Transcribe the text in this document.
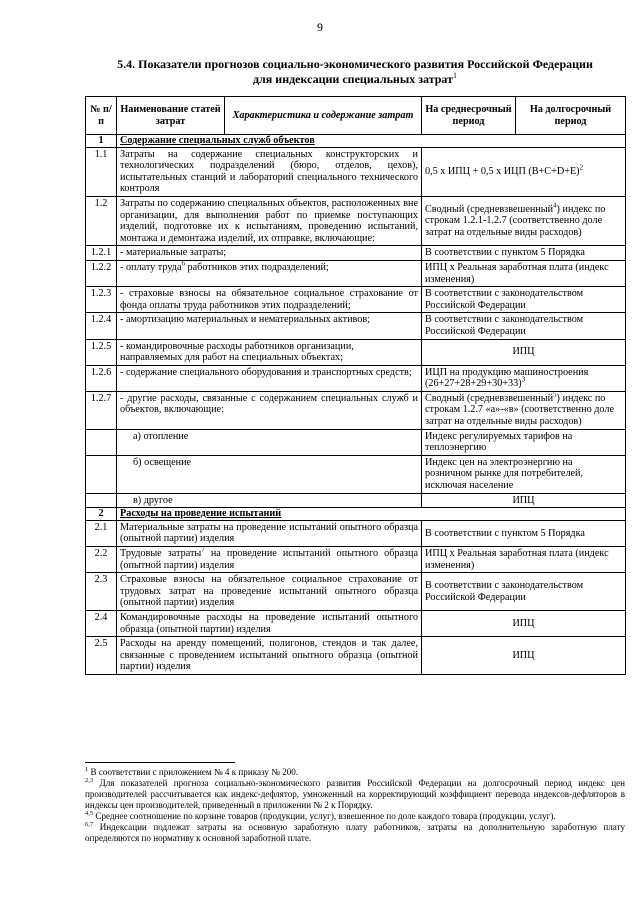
9
5.4. Показатели прогнозов социально-экономического развития Российской Федерации
для индексации специальных затрат$^1$
№ п/п	Наименование статей затрат	Характеристика и содержание затрат	На среднесрочный период	На долгосрочный период
1	Содержание специальных служб объектов			
1.1	Затраты на содержание специальных конструкторских и технологических подразделений (бюро, отделов, цехов), испытательных станций и лабораторий специального технического контроля		0,5 х ИПЦ + 0,5 х ИЦП $(В+С+D+E)^2$
1.2	Затраты по содержанию специальных объектов, расположенных вне организации, для выполнения работ по приемке поступающих изделий, подготовке их к испытаниям, проведению испытаний, монтажа и демонтажа изделий, их отправке, включающие:		Сводный (средневзвешенный$^4$) индекс по строкам 1.2.1-1.2.7 (соответственно доле затрат на отдельные виды расходов)	
1.2.1	- материальные затраты;		В соответствии с пунктом 5 Порядка	
1.2.2	- оплату труда$^6$ работников этих подразделений;		ИПЦ х Реальная заработная плата (индекс изменения)	
1.2.3	- страховые взносы на обязательное социальное страхование от фонда оплаты труда работников этих подразделений;		В соответствии с законодательством Российской Федерации	
1.2.4	- амортизацию материальных и нематериальных активов;		В соответствии с законодательством Российской Федерации	
1.2.5	- командировочные расходы работников организации, направляемых для работ на специальных объектах;		ИПЦ	
1.2.6	- содержание специального оборудования и транспортных средств;		ИЦП на продукцию машиностроения $(26+27+28+29+30+33)^3$
1.2.7	- другие расходы, связанные с содержанием специальных служб и объектов, включающие:		Сводный (средневзвешенный$^5$) индекс по строкам 1.2.7 «а»-«в» (соответственно доле затрат на отдельные виды расходов)	
	а) отопление		Индекс регулируемых тарифов на теплоэнергию	
	б) освещение		Индекс цен на электроэнергию на розничном рынке для потребителей, исключая население	
	в) другое		ИПЦ	
2	Расходы на проведение испытаний			
2.1	Материальные затраты на проведение испытаний опытного образца (опытной партии) изделия		В соответствии с пунктом 5 Порядка	
2.2	Трудовые затраты$^7$ на проведение испытаний опытного образца (опытной партии) изделия		ИПЦ х Реальная заработная плата (индекс изменения)	
2.3	Страховые взносы на обязательное социальное страхование от трудовых затрат на проведение испытаний опытного образца (опытной партии) изделия		В соответствии с законодательством Российской Федерации	
2.4	Командировочные расходы на проведение испытаний опытного образца (опытной партии) изделия		ИПЦ	
2.5	Расходы на аренду помещений, полигонов, стендов и так далее, связанные с проведением испытаний опытного образца (опытной партии) изделия		ИПЦ	

$^1$ В соответствии с приложением № 4 к приказу № 200.

$^{2,3}$ Для показателей прогноза социально-экономического развития Российской Федерации на долгосрочный период индекс цен производителей рассчитывается как индекс-дефлятор, умноженный на корректирующий коэффициент перевода индексов-дефляторов в индексы цен производителей, приведенный в приложении № 2 к Порядку.

$^{4,5}$ Среднее соотношение по корзине товаров (продукции, услуг), взвешенное по доле каждого товара (продукции, услуг).

$^{6,7}$ Индексации подлежат затраты на основную заработную плату работников, затраты на дополнительную заработную плату определяются по нормативу к основной заработной плате.
